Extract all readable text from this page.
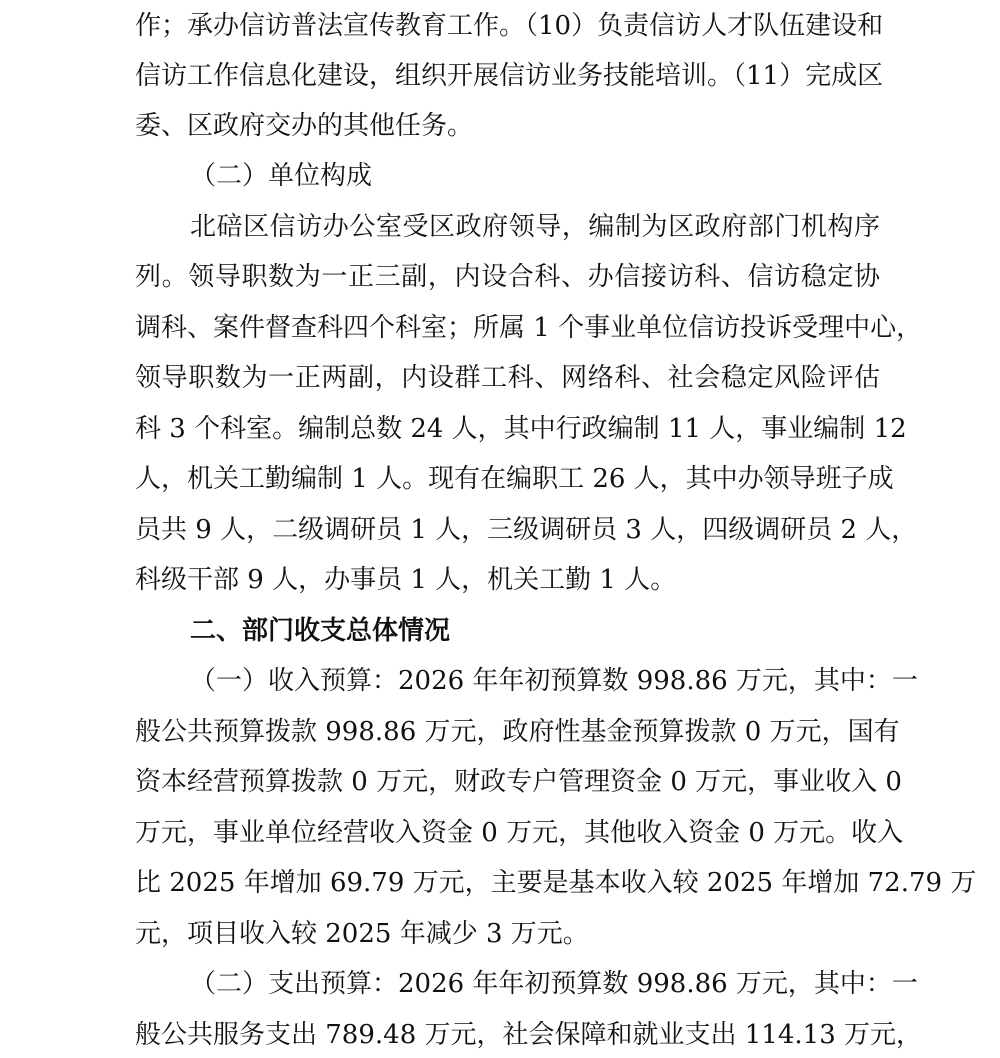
作；承办信访普法宣传教育工作。（10）负责信访人才队伍建设和
信访工作信息化建设，组织开展信访业务技能培训。（11）完成区
委、区政府交办的其他任务。
（二）单位构成
北碚区信访办公室受区政府领导，编制为区政府部门机构序
列。领导职数为一正三副，内设合科、办信接访科、信访稳定协
调科、案件督查科四个科室；所属 1 个事业单位信访投诉受理中心，
领导职数为一正两副，内设群工科、网络科、社会稳定风险评估
科 3 个科室。编制总数 24 人，其中行政编制 11 人，事业编制 12
人，机关工勤编制 1 人。现有在编职工 26 人，其中办领导班子成
员共 9 人，二级调研员 1 人，三级调研员 3 人，四级调研员 2 人，
科级干部 9 人，办事员 1 人，机关工勤 1 人。
二、部门收支总体情况
（一）收入预算：2026 年年初预算数 998.86 万元，其中：一
般公共预算拨款 998.86 万元，政府性基金预算拨款 0 万元，国有
资本经营预算拨款 0 万元，财政专户管理资金 0 万元，事业收入 0
万元，事业单位经营收入资金 0 万元，其他收入资金 0 万元。收入
比 2025 年增加 69.79 万元，主要是基本收入较 2025 年增加 72.79 万
元，项目收入较 2025 年减少 3 万元。
（二）支出预算：2026 年年初预算数 998.86 万元，其中：一
般公共服务支出 789.48 万元，社会保障和就业支出 114.13 万元，
